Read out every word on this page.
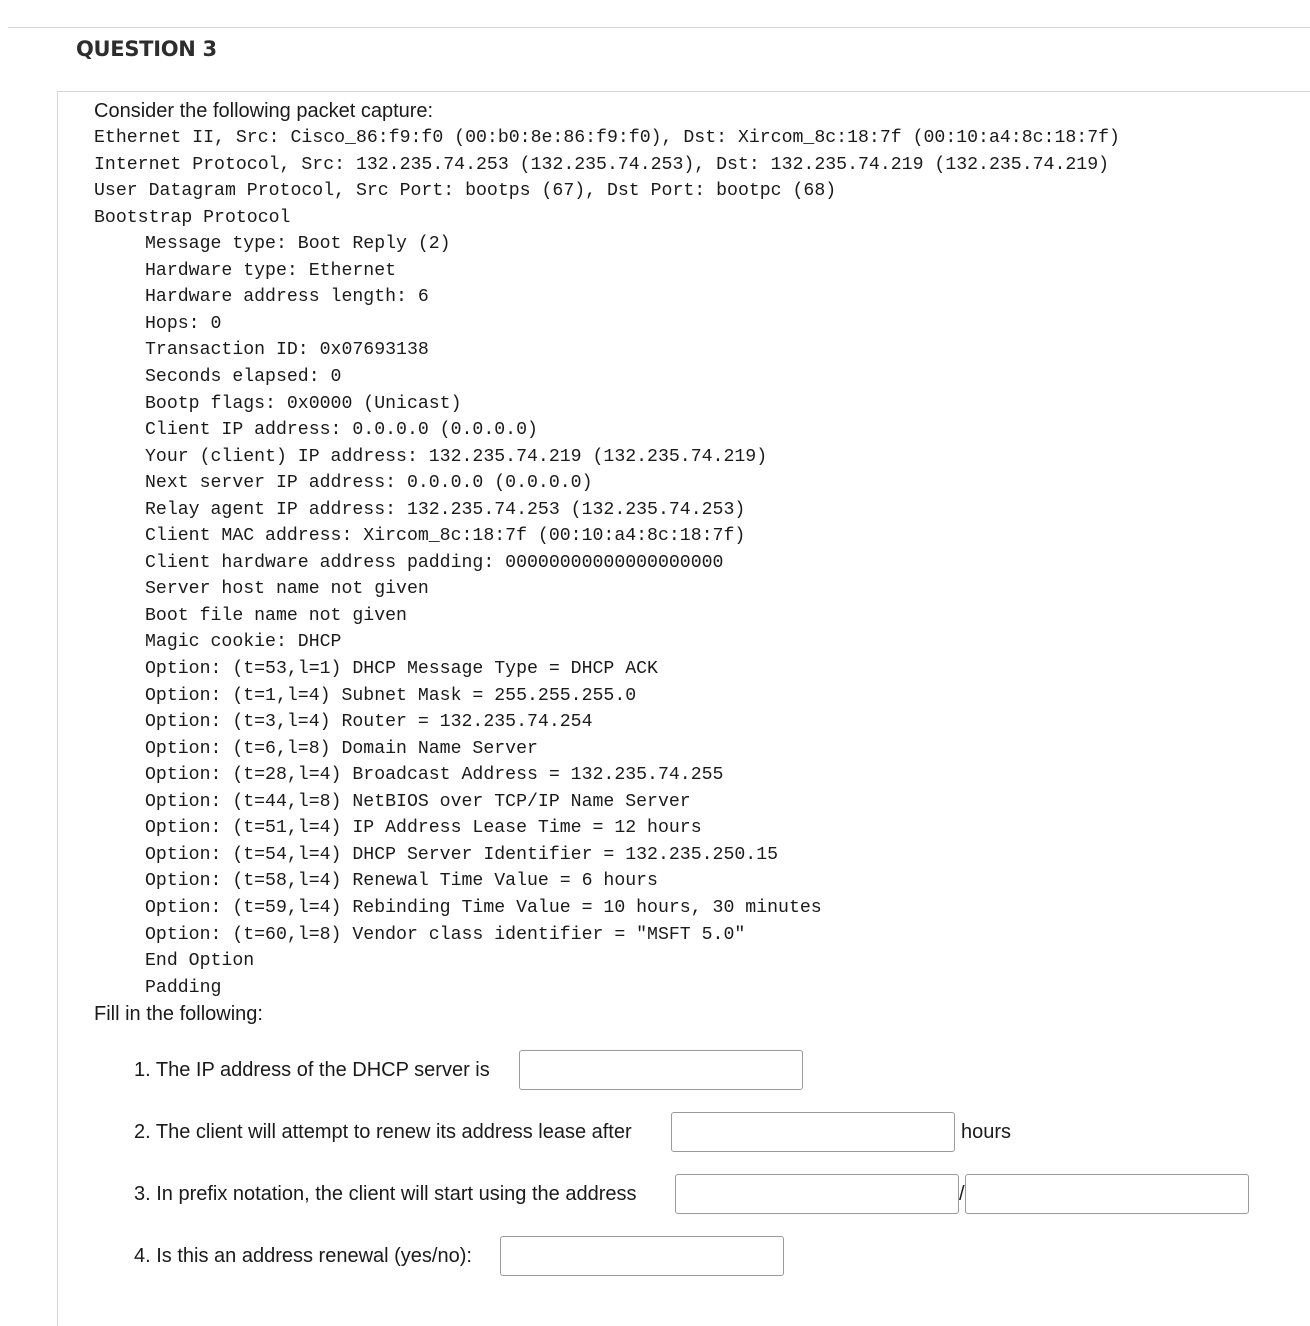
QUESTION 3
Consider the following packet capture:
Ethernet II, Src: Cisco_86:f9:f0 (00:b0:8e:86:f9:f0), Dst: Xircom_8c:18:7f (00:10:a4:8c:18:7f)
Internet Protocol, Src: 132.235.74.253 (132.235.74.253), Dst: 132.235.74.219 (132.235.74.219)
User Datagram Protocol, Src Port: bootps (67), Dst Port: bootpc (68)
Bootstrap Protocol
Message type: Boot Reply (2)
Hardware type: Ethernet
Hardware address length: 6
Hops: 0
Transaction ID: 0x07693138
Seconds elapsed: 0
Bootp flags: 0x0000 (Unicast)
Client IP address: 0.0.0.0 (0.0.0.0)
Your (client) IP address: 132.235.74.219 (132.235.74.219)
Next server IP address: 0.0.0.0 (0.0.0.0)
Relay agent IP address: 132.235.74.253 (132.235.74.253)
Client MAC address: Xircom_8c:18:7f (00:10:a4:8c:18:7f)
Client hardware address padding: 00000000000000000000
Server host name not given
Boot file name not given
Magic cookie: DHCP
Option: (t=53,l=1) DHCP Message Type = DHCP ACK
Option: (t=1,l=4) Subnet Mask = 255.255.255.0
Option: (t=3,l=4) Router = 132.235.74.254
Option: (t=6,l=8) Domain Name Server
Option: (t=28,l=4) Broadcast Address = 132.235.74.255
Option: (t=44,l=8) NetBIOS over TCP/IP Name Server
Option: (t=51,l=4) IP Address Lease Time = 12 hours
Option: (t=54,l=4) DHCP Server Identifier = 132.235.250.15
Option: (t=58,l=4) Renewal Time Value = 6 hours
Option: (t=59,l=4) Rebinding Time Value = 10 hours, 30 minutes
Option: (t=60,l=8) Vendor class identifier = "MSFT 5.0"
End Option
Padding
Fill in the following:
1. The IP address of the DHCP server is
2. The client will attempt to renew its address lease after	hours
3. In prefix notation, the client will start using the address	/
4. Is this an address renewal (yes/no):
